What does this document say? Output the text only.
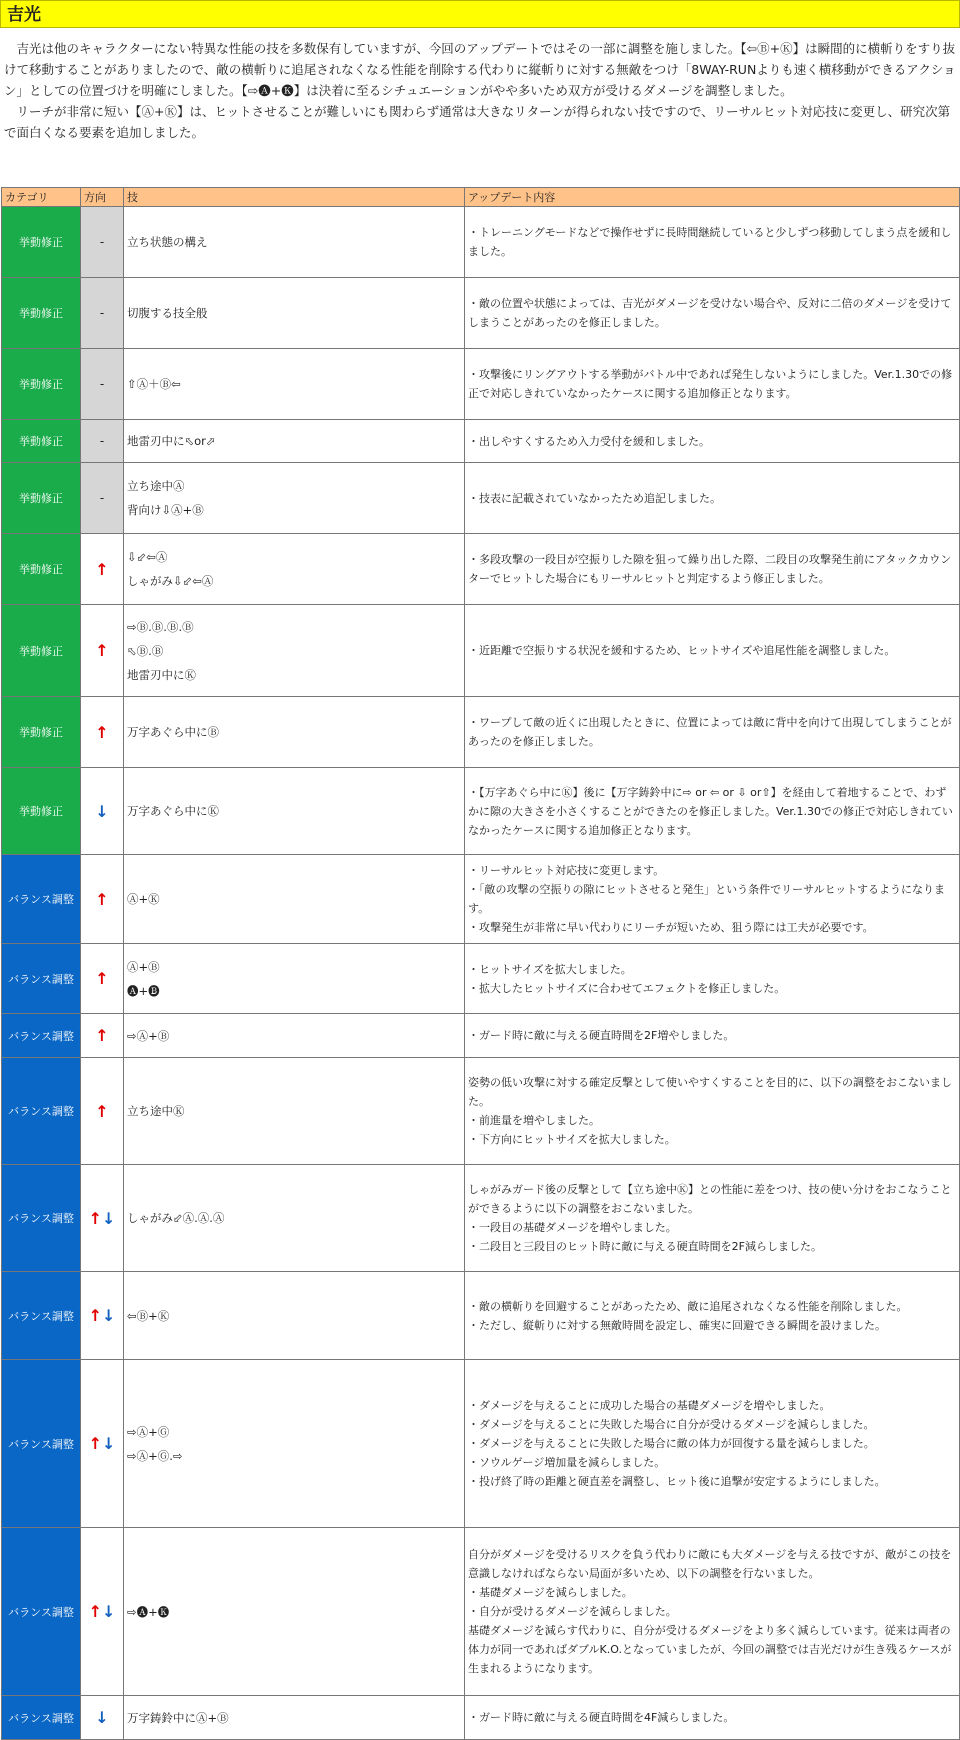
吉光

吉光は他のキャラクターにない特異な性能の技を多数保有していますが、今回のアップデートではその一部に調整を施しました。【⇦Ⓑ+Ⓚ】は瞬間的に横斬りをすり抜けて移動することがありましたので、敵の横斬りに追尾されなくなる性能を削除する代わりに縦斬りに対する無敵をつけ「8WAY-RUNよりも速く横移動ができるアクション」としての位置づけを明確にしました。【⇨🅐+🅚】は決着に至るシチュエーションがやや多いため双方が受けるダメージを調整しました。

リーチが非常に短い【Ⓐ+Ⓚ】は、ヒットさせることが難しいにも関わらず通常は大きなリターンが得られない技ですので、リーサルヒット対応技に変更し、研究次第で面白くなる要素を追加しました。

カテゴリ	方向	技	アップデート内容
挙動修正	-	立ち状態の構え	・トレーニングモードなどで操作せずに長時間継続していると少しずつ移動してしまう点を緩和しました。

挙動修正	-	切腹する技全般	・敵の位置や状態によっては、吉光がダメージを受けない場合や、反対に二倍のダメージを受けてしまうことがあったのを修正しました。

挙動修正	-	⇧Ⓐ＋Ⓑ⇦	・攻撃後にリングアウトする挙動がバトル中であれば発生しないようにしました。Ver.1.30での修正で対応しきれていなかったケースに関する追加修正となります。

挙動修正	-	地雷刃中に⬁or⬀	・出しやすくするため入力受付を緩和しました。

挙動修正	-	立ち途中Ⓐ
背向け⇩Ⓐ+Ⓑ	・技表に記載されていなかったため追記しました。

挙動修正	↑	⇩⬃⇦Ⓐ
しゃがみ⇩⬃⇦Ⓐ	・多段攻撃の一段目が空振りした隙を狙って繰り出した際、二段目の攻撃発生前にアタックカウンターでヒットした場合にもリーサルヒットと判定するよう修正しました。

挙動修正	↑	⇨Ⓑ.Ⓑ.Ⓑ.Ⓑ
⬁Ⓑ.Ⓑ
地雷刃中にⓀ	・近距離で空振りする状況を緩和するため、ヒットサイズや追尾性能を調整しました。

挙動修正	↑	万字あぐら中にⒷ	・ワープして敵の近くに出現したときに、位置によっては敵に背中を向けて出現してしまうことがあったのを修正しました。

挙動修正	↓	万字あぐら中にⓀ	・【万字あぐら中にⓀ】後に【万字鋳鈴中に⇨ or ⇦ or ⇩ or⇧】を経由して着地することで、わずかに隙の大きさを小さくすることができたのを修正しました。Ver.1.30での修正で対応しきれていなかったケースに関する追加修正となります。

バランス調整	↑	Ⓐ+Ⓚ	・リーサルヒット対応技に変更します。
・「敵の攻撃の空振りの隙にヒットさせると発生」という条件でリーサルヒットするようになります。
・攻撃発生が非常に早い代わりにリーチが短いため、狙う際には工夫が必要です。

バランス調整	↑	Ⓐ+Ⓑ
🅐+🅑	・ヒットサイズを拡大しました。
・拡大したヒットサイズに合わせてエフェクトを修正しました。

バランス調整	↑	⇨Ⓐ+Ⓑ	・ガード時に敵に与える硬直時間を2F増やしました。

バランス調整	↑	立ち途中Ⓚ	姿勢の低い攻撃に対する確定反撃として使いやすくすることを目的に、以下の調整をおこないました。
・前進量を増やしました。
・下方向にヒットサイズを拡大しました。

バランス調整	↑↓	しゃがみ⬃Ⓐ.Ⓐ.Ⓐ	しゃがみガード後の反撃として【立ち途中Ⓚ】との性能に差をつけ、技の使い分けをおこなうことができるように以下の調整をおこないました。
・一段目の基礎ダメージを増やしました。
・二段目と三段目のヒット時に敵に与える硬直時間を2F減らしました。

バランス調整	↑↓	⇦Ⓑ+Ⓚ	・敵の横斬りを回避することがあったため、敵に追尾されなくなる性能を削除しました。
・ただし、縦斬りに対する無敵時間を設定し、確実に回避できる瞬間を設けました。

バランス調整	↑↓	⇨Ⓐ+Ⓖ
⇨Ⓐ+Ⓖ.⇨	・ダメージを与えることに成功した場合の基礎ダメージを増やしました。
・ダメージを与えることに失敗した場合に自分が受けるダメージを減らしました。
・ダメージを与えることに失敗した場合に敵の体力が回復する量を減らしました。
・ソウルゲージ増加量を減らしました。
・投げ終了時の距離と硬直差を調整し、ヒット後に追撃が安定するようにしました。

バランス調整	↑↓	⇨🅐+🅚	自分がダメージを受けるリスクを負う代わりに敵にも大ダメージを与える技ですが、敵がこの技を意識しなければならない局面が多いため、以下の調整を行ないました。
・基礎ダメージを減らしました。
・自分が受けるダメージを減らしました。
基礎ダメージを減らす代わりに、自分が受けるダメージをより多く減らしています。従来は両者の体力が同一であればダブルK.O.となっていましたが、今回の調整では吉光だけが生き残るケースが生まれるようになります。

バランス調整	↓	万字鋳鈴中にⒶ+Ⓑ	・ガード時に敵に与える硬直時間を4F減らしました。
